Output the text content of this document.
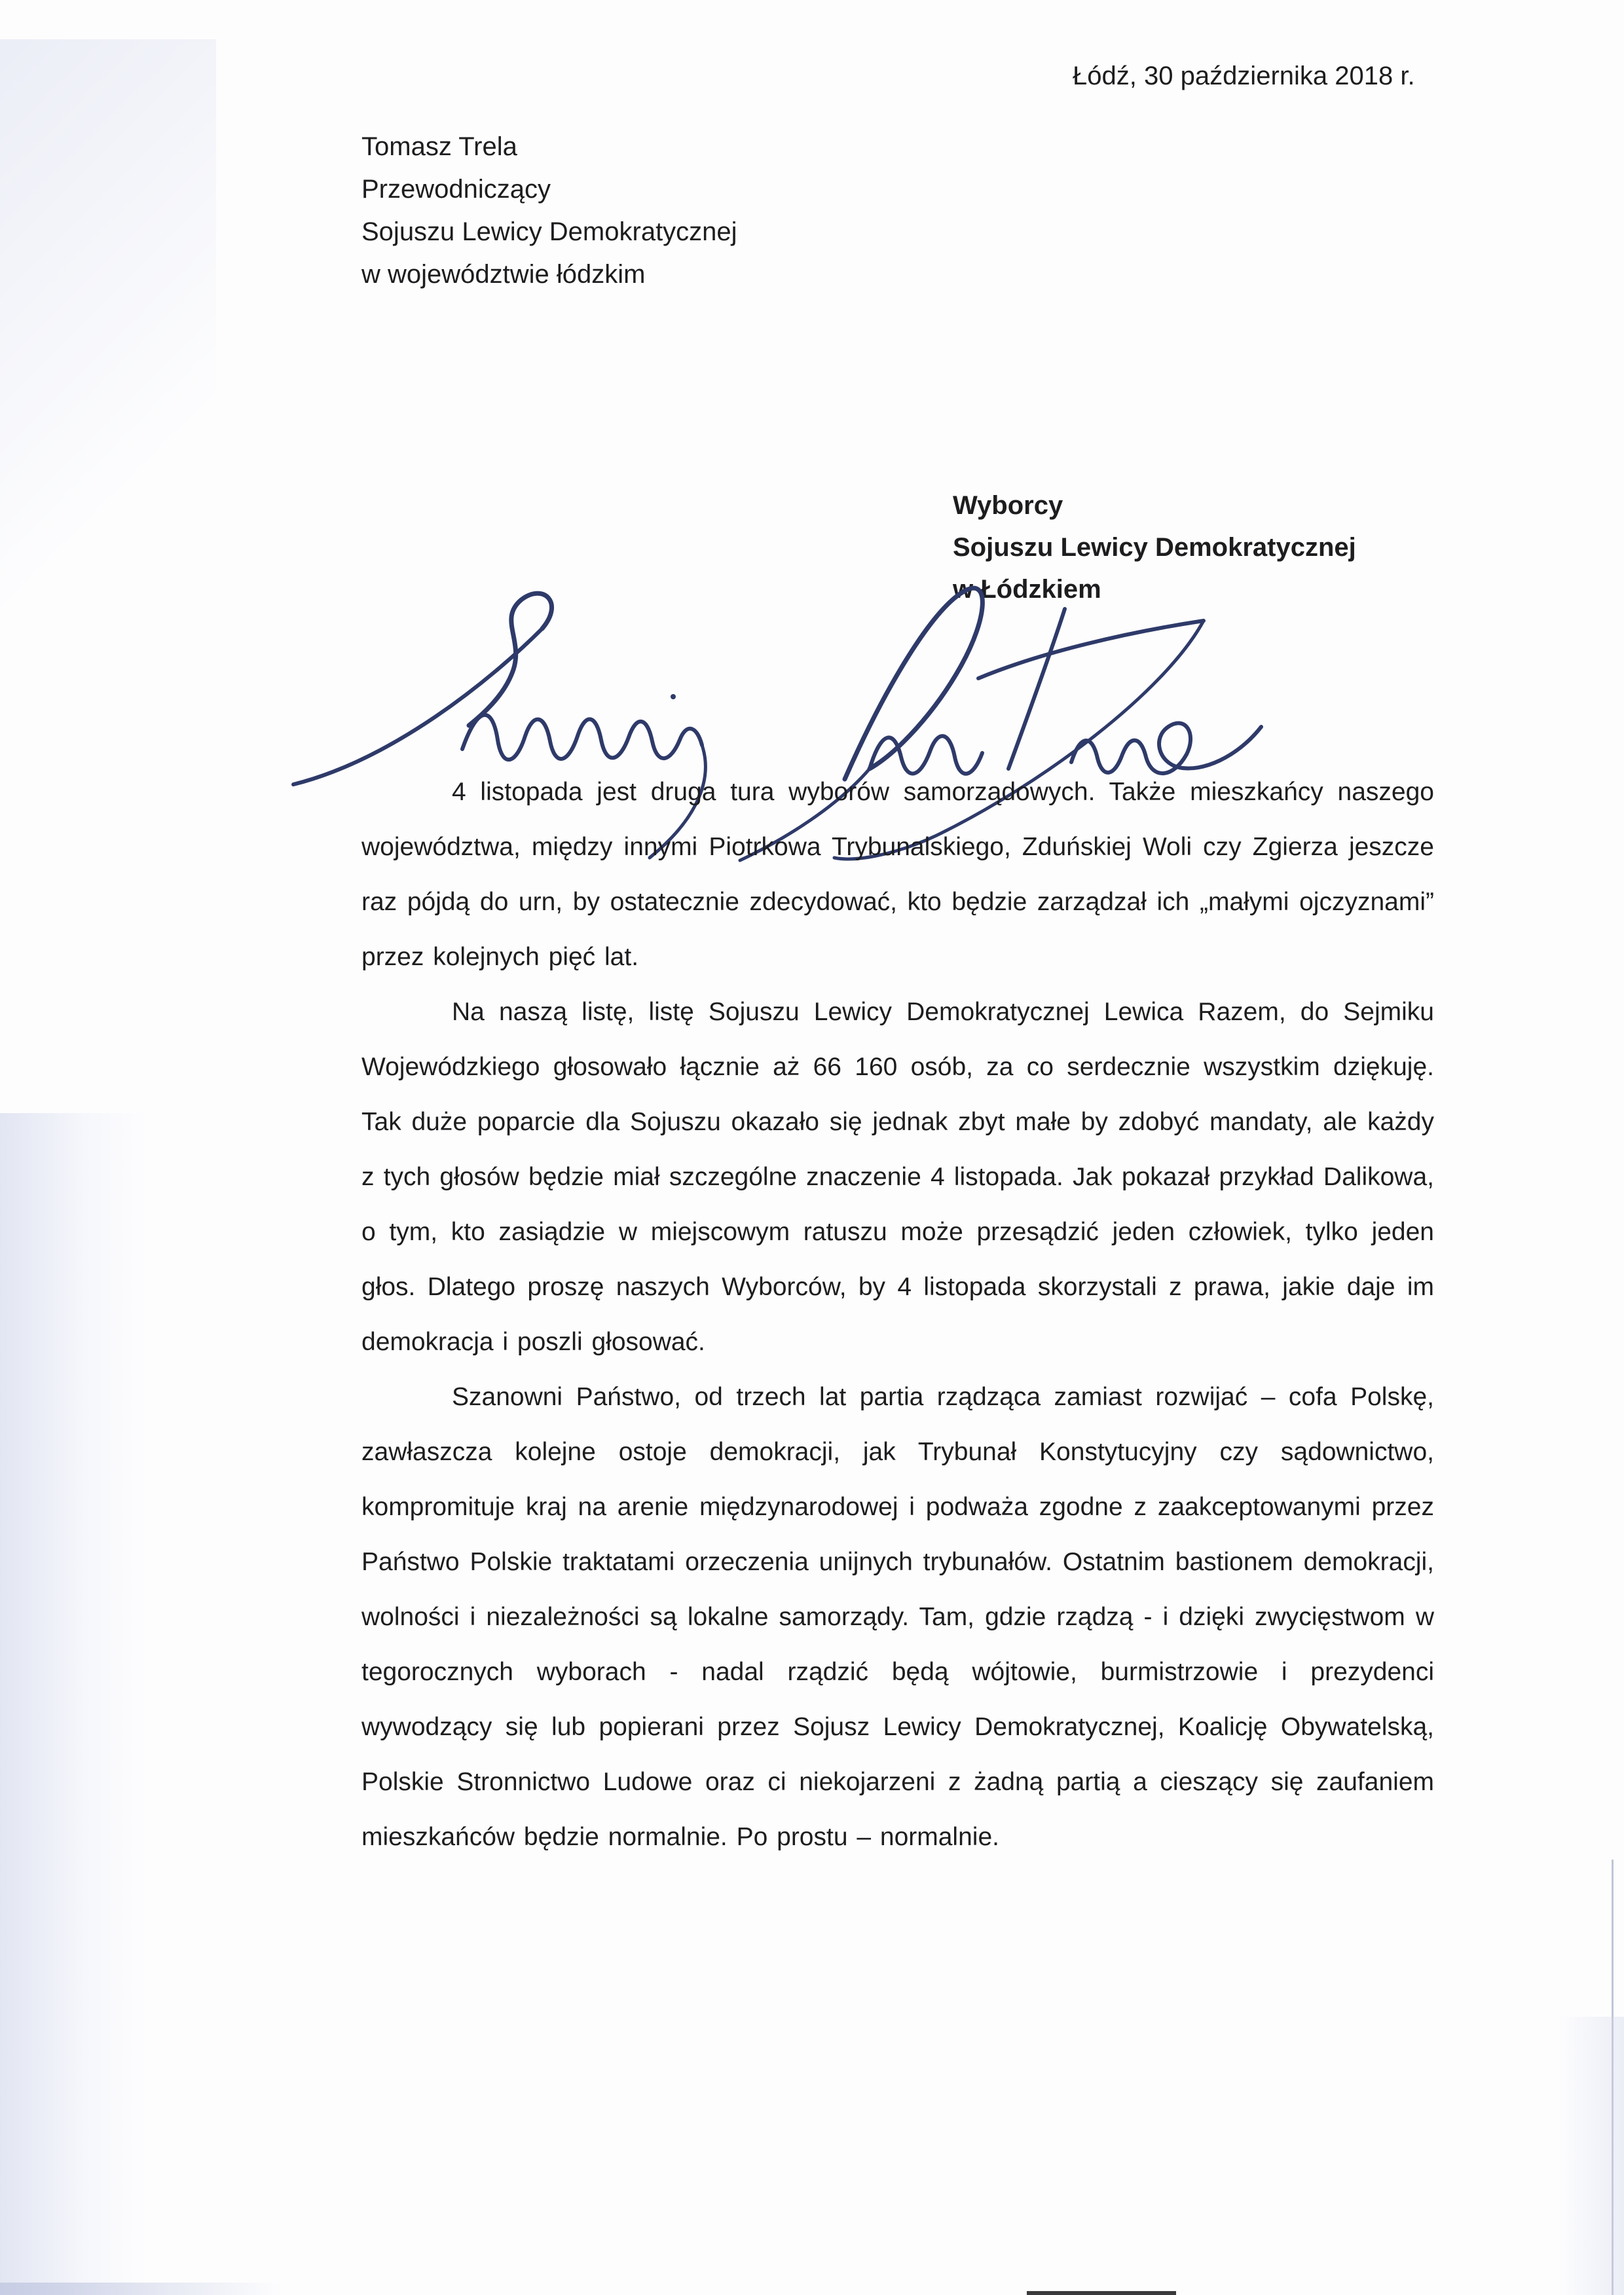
Łódź, 30 października 2018 r.
Tomasz Trela
Przewodniczący
Sojuszu Lewicy Demokratycznej
w województwie łódzkim
Wyborcy
Sojuszu Lewicy Demokratycznej
w Łódzkiem

4 listopada jest druga tura wyborów samorządowych. Także mieszkańcy naszego województwa, między innymi Piotrkowa Trybunalskiego, Zduńskiej Woli czy Zgierza jeszcze raz pójdą do urn, by ostatecznie zdecydować, kto będzie zarządzał ich „małymi ojczyznami” przez kolejnych pięć lat.

Na naszą listę, listę Sojuszu Lewicy Demokratycznej Lewica Razem, do Sejmiku Wojewódzkiego głosowało łącznie aż 66 160 osób, za co serdecznie wszystkim dziękuję. Tak duże poparcie dla Sojuszu okazało się jednak zbyt małe by zdobyć mandaty, ale każdy z tych głosów będzie miał szczególne znaczenie 4 listopada. Jak pokazał przykład Dalikowa, o tym, kto zasiądzie w miejscowym ratuszu może przesądzić jeden człowiek, tylko jeden głos. Dlatego proszę naszych Wyborców, by 4 listopada skorzystali z prawa, jakie daje im demokracja i poszli głosować.

Szanowni Państwo, od trzech lat partia rządząca zamiast rozwijać – cofa Polskę, zawłaszcza kolejne ostoje demokracji, jak Trybunał Konstytucyjny czy sądownictwo, kompromituje kraj na arenie międzynarodowej i podważa zgodne z zaakceptowanymi przez Państwo Polskie traktatami orzeczenia unijnych trybunałów. Ostatnim bastionem demokracji, wolności i niezależności są lokalne samorządy. Tam, gdzie rządzą - i dzięki zwycięstwom w tegorocznych wyborach - nadal rządzić będą wójtowie, burmistrzowie i prezydenci wywodzący się lub popierani przez Sojusz Lewicy Demokratycznej, Koalicję Obywatelską, Polskie Stronnictwo Ludowe oraz ci niekojarzeni z żadną partią a cieszący się zaufaniem mieszkańców będzie normalnie. Po prostu – normalnie.
